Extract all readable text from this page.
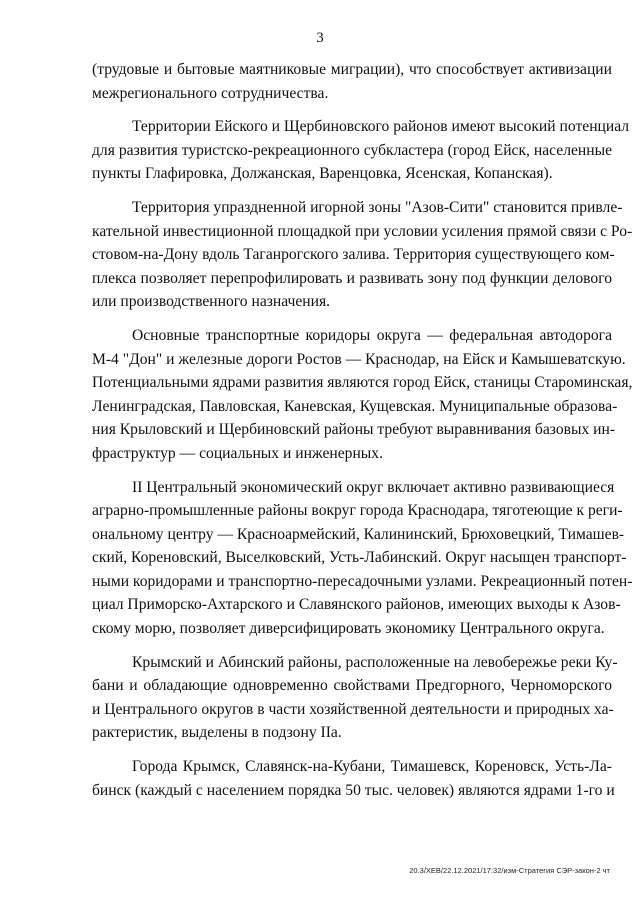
3
(трудовые и бытовые маятниковые миграции), что способствует активизации
межрегионального сотрудничества.
Территории Ейского и Щербиновского районов имеют высокий потенциал
для развития туристско-рекреационного субкластера (город Ейск, населенные
пункты Глафировка, Должанская, Варенцовка, Ясенская, Копанская).
Территория упраздненной игорной зоны "Азов-Сити" становится привле-
кательной инвестиционной площадкой при условии усиления прямой связи с Ро-
стовом-на-Дону вдоль Таганрогского залива. Территория существующего ком-
плекса позволяет перепрофилировать и развивать зону под функции делового
или производственного назначения.
Основные транспортные коридоры округа — федеральная автодорога
М-4 "Дон" и железные дороги Ростов — Краснодар, на Ейск и Камышеватскую.
Потенциальными ядрами развития являются город Ейск, станицы Староминская,
Ленинградская, Павловская, Каневская, Кущевская. Муниципальные образова-
ния Крыловский и Щербиновский районы требуют выравнивания базовых ин-
фраструктур — социальных и инженерных.
II Центральный экономический округ включает активно развивающиеся
аграрно-промышленные районы вокруг города Краснодара, тяготеющие к реги-
ональному центру — Красноармейский, Калининский, Брюховецкий, Тимашев-
ский, Кореновский, Выселковский, Усть-Лабинский. Округ насыщен транспорт-
ными коридорами и транспортно-пересадочными узлами. Рекреационный потен-
циал Приморско-Ахтарского и Славянского районов, имеющих выходы к Азов-
скому морю, позволяет диверсифицировать экономику Центрального округа.
Крымский и Абинский районы, расположенные на левобережье реки Ку-
бани и обладающие одновременно свойствами Предгорного, Черноморского
и Центрального округов в части хозяйственной деятельности и природных ха-
рактеристик, выделены в подзону IIа.
Города Крымск, Славянск-на-Кубани, Тимашевск, Кореновск, Усть-Ла-
бинск (каждый с населением порядка 50 тыс. человек) являются ядрами 1-го и
20.3/XEB/22.12.2021/17:32/изм-Стратегия СЭР-закон-2 чт
